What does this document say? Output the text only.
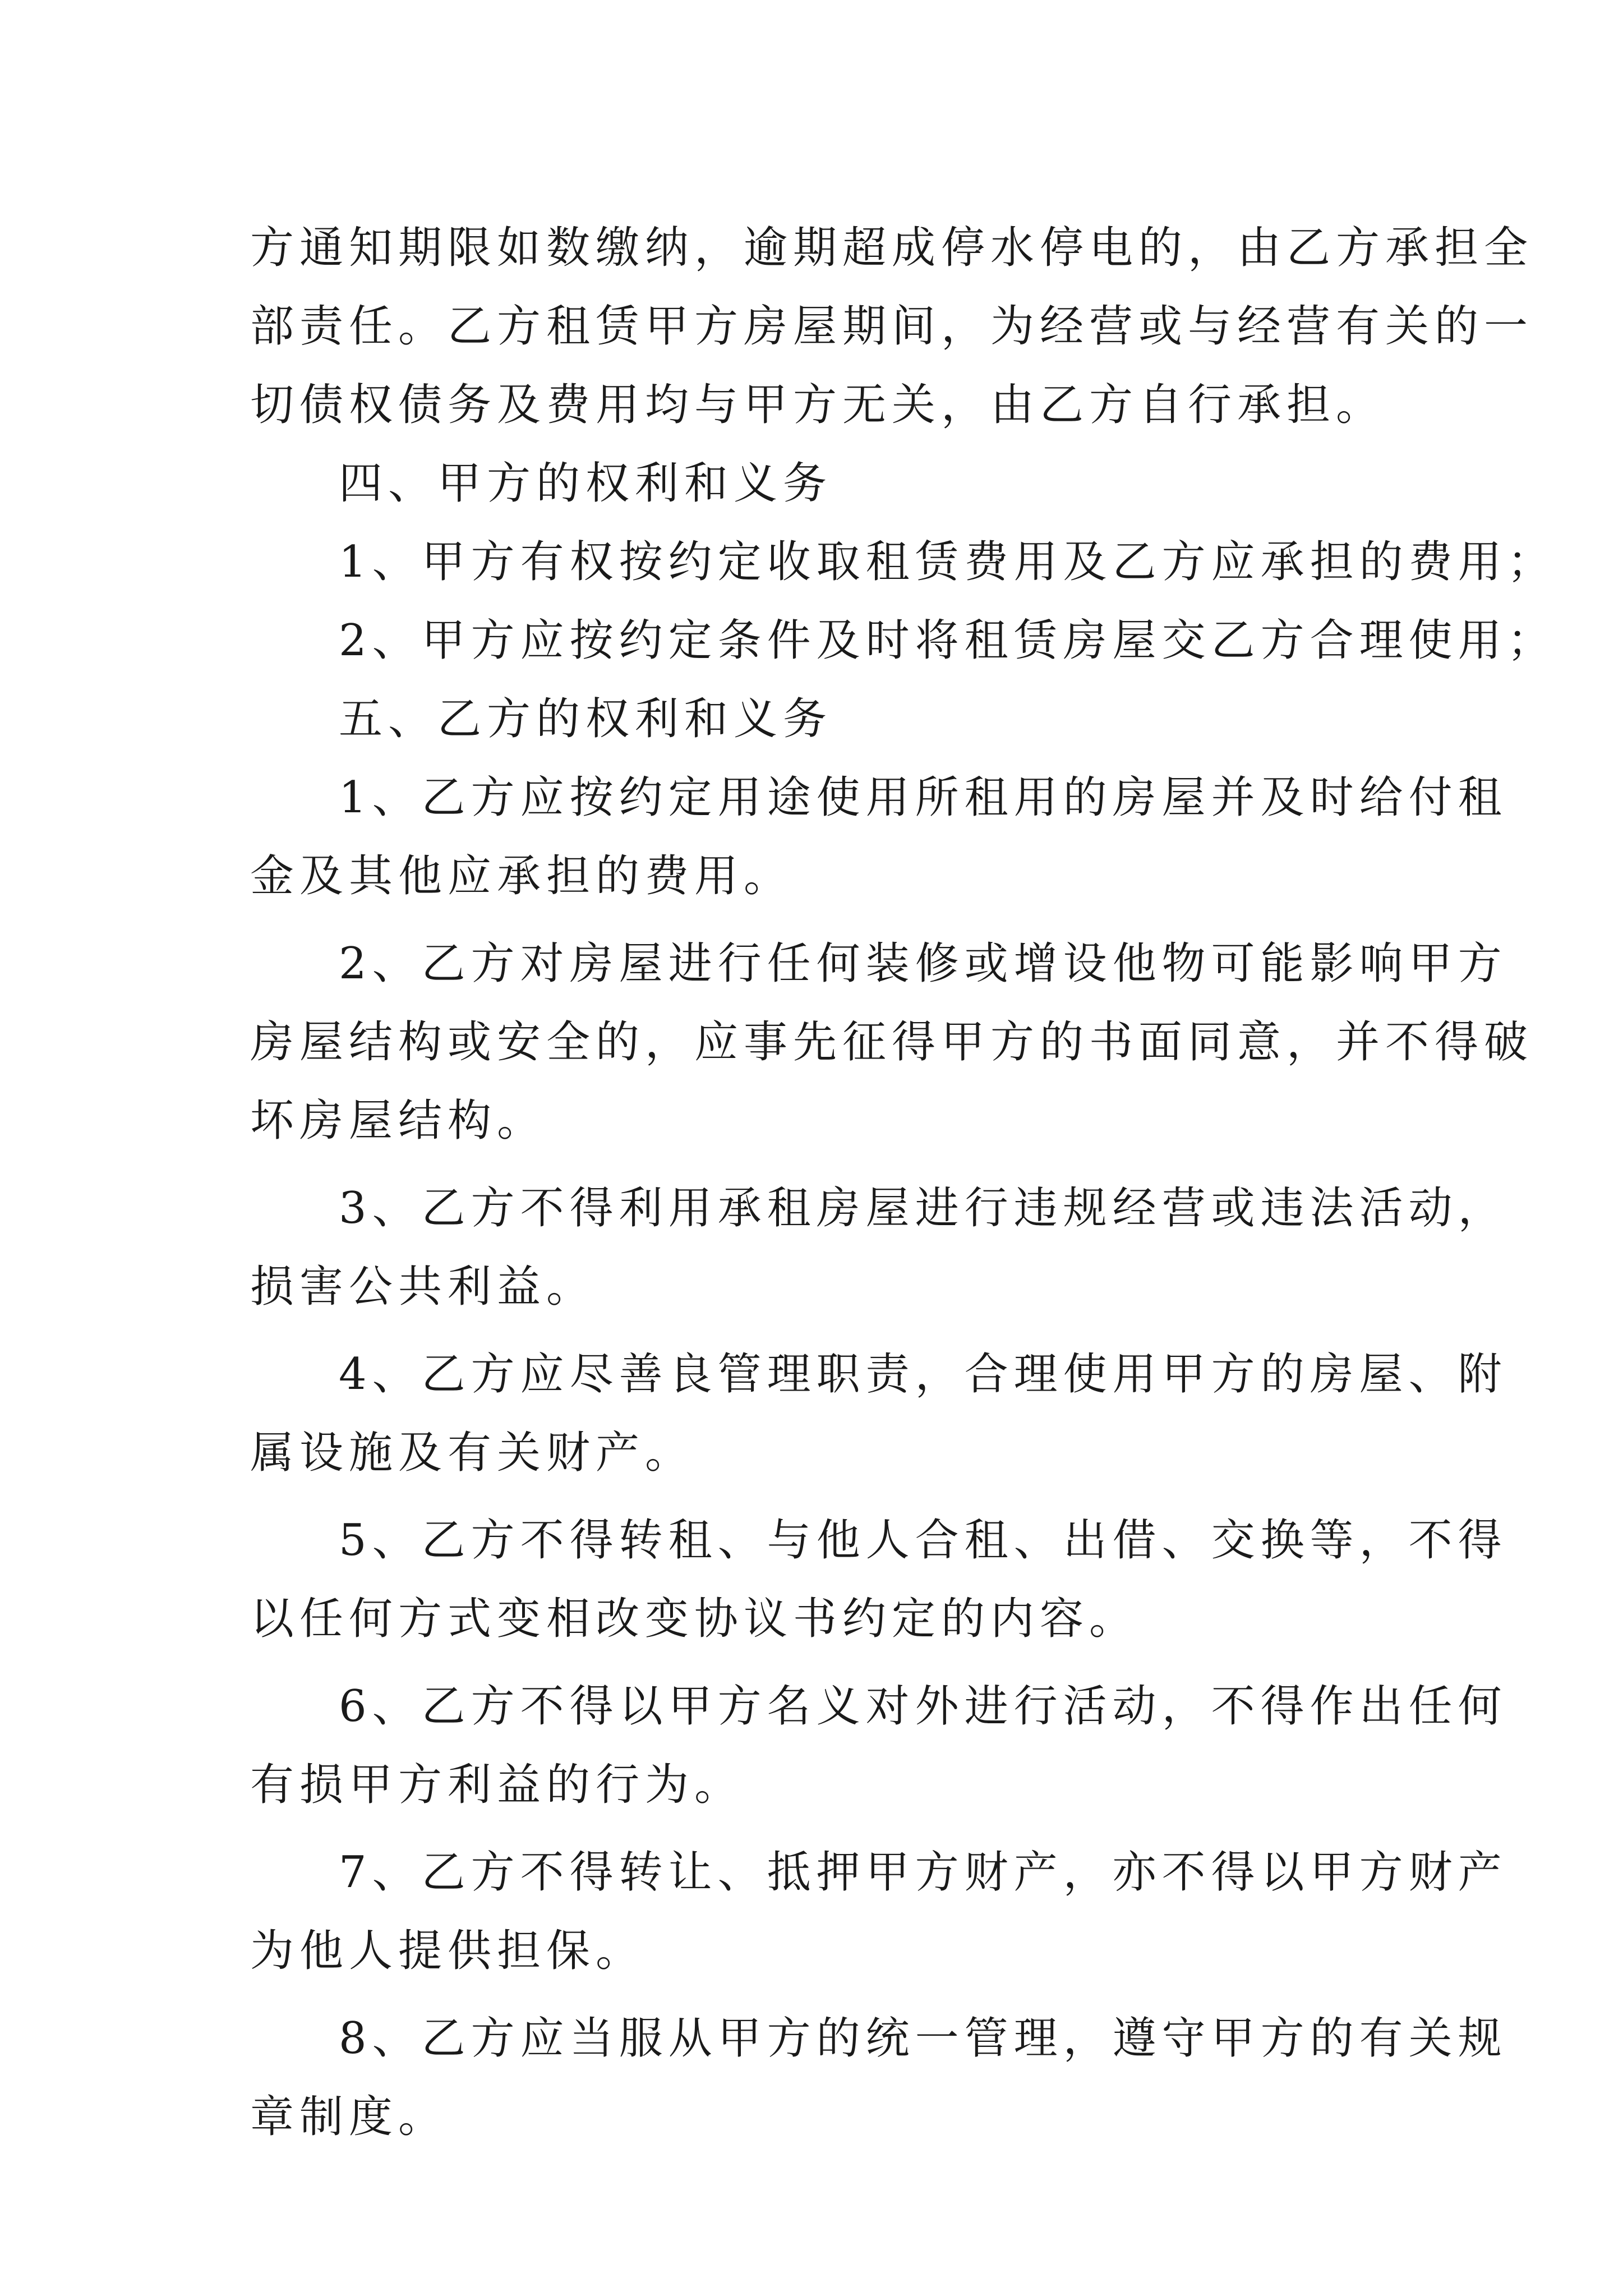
方通知期限如数缴纳，逾期超成停水停电的，由乙方承担全
部责任。乙方租赁甲方房屋期间，为经营或与经营有关的一
切债权债务及费用均与甲方无关，由乙方自行承担。
四、甲方的权利和义务
1、甲方有权按约定收取租赁费用及乙方应承担的费用；
2、甲方应按约定条件及时将租赁房屋交乙方合理使用；
五、乙方的权利和义务
1、乙方应按约定用途使用所租用的房屋并及时给付租
金及其他应承担的费用。
2、乙方对房屋进行任何装修或增设他物可能影响甲方
房屋结构或安全的，应事先征得甲方的书面同意，并不得破
坏房屋结构。
3、乙方不得利用承租房屋进行违规经营或违法活动，
损害公共利益。
4、乙方应尽善良管理职责，合理使用甲方的房屋、附
属设施及有关财产。
5、乙方不得转租、与他人合租、出借、交换等，不得
以任何方式变相改变协议书约定的内容。
6、乙方不得以甲方名义对外进行活动，不得作出任何
有损甲方利益的行为。
7、乙方不得转让、抵押甲方财产，亦不得以甲方财产
为他人提供担保。
8、乙方应当服从甲方的统一管理，遵守甲方的有关规
章制度。
